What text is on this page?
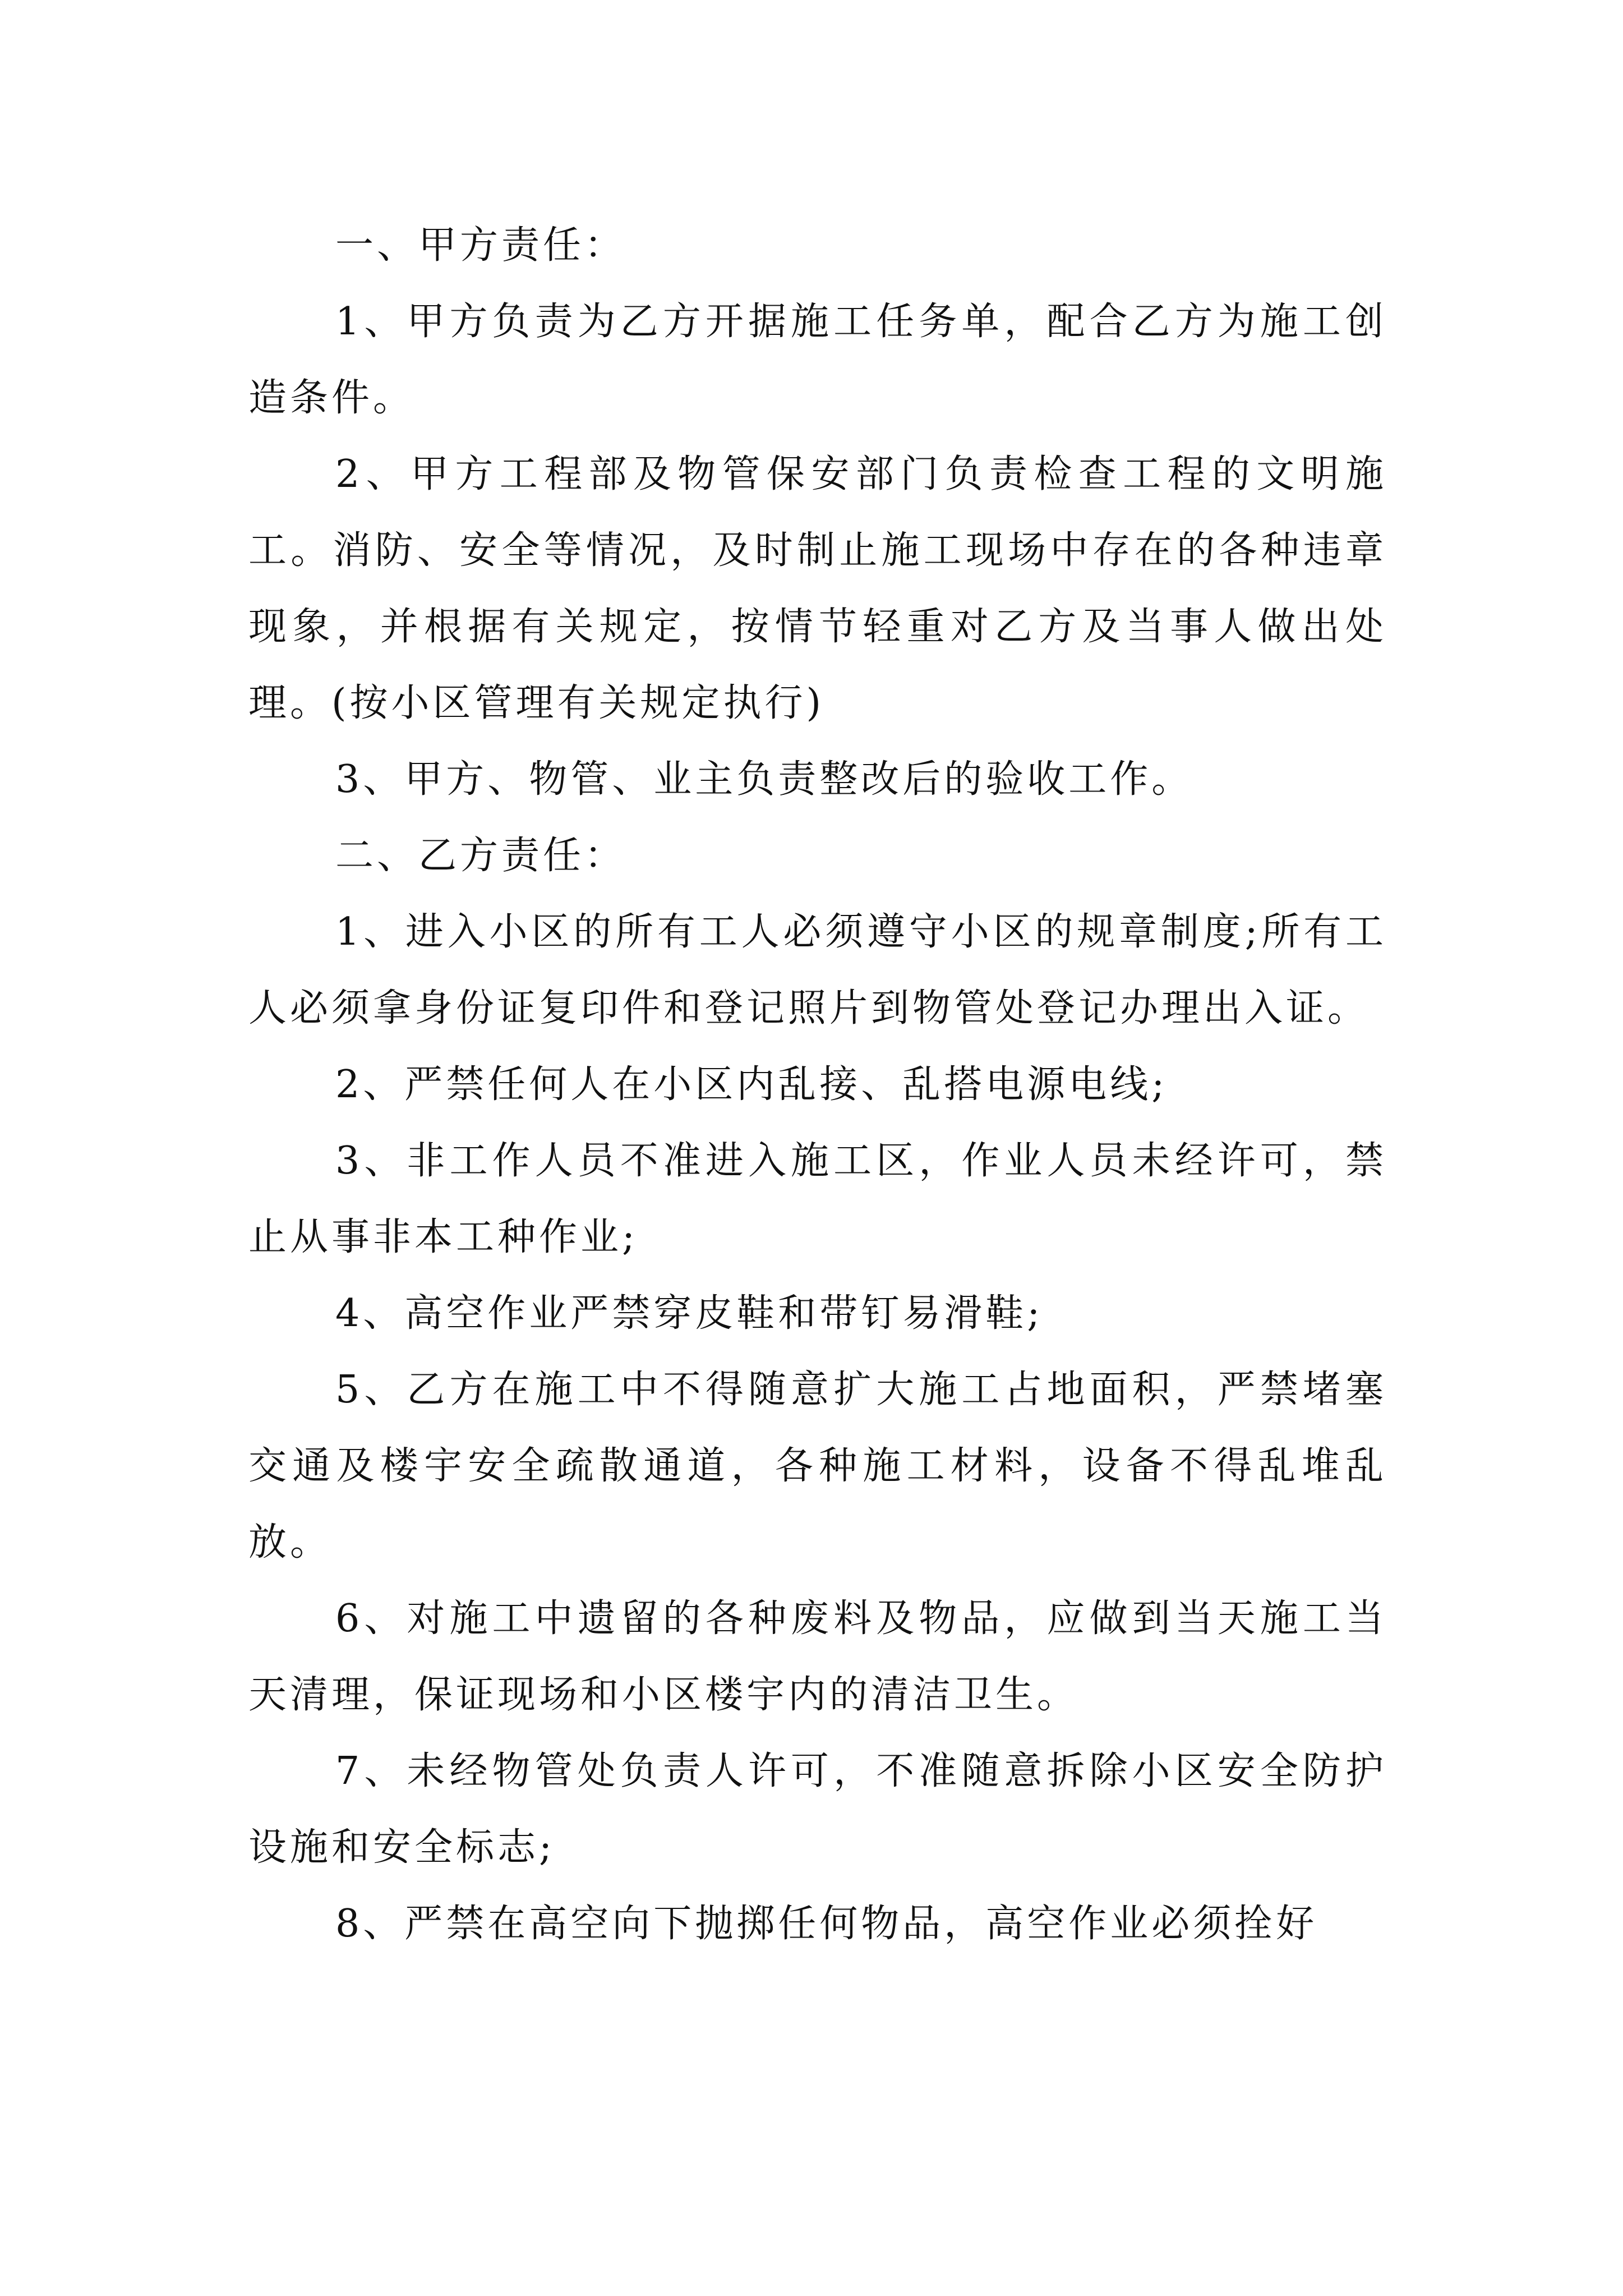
一、甲方责任：

1、甲方负责为乙方开据施工任务单，配合乙方为施工创造条件。

2、甲方工程部及物管保安部门负责检查工程的文明施工。消防、安全等情况，及时制止施工现场中存在的各种违章现象，并根据有关规定，按情节轻重对乙方及当事人做出处理。(按小区管理有关规定执行)

3、甲方、物管、业主负责整改后的验收工作。

二、乙方责任：

1、进入小区的所有工人必须遵守小区的规章制度;所有工人必须拿身份证复印件和登记照片到物管处登记办理出入证。

2、严禁任何人在小区内乱接、乱搭电源电线;

3、非工作人员不准进入施工区，作业人员未经许可，禁止从事非本工种作业;

4、高空作业严禁穿皮鞋和带钉易滑鞋;

5、乙方在施工中不得随意扩大施工占地面积，严禁堵塞交通及楼宇安全疏散通道，各种施工材料，设备不得乱堆乱放。

6、对施工中遗留的各种废料及物品，应做到当天施工当天清理，保证现场和小区楼宇内的清洁卫生。

7、未经物管处负责人许可，不准随意拆除小区安全防护设施和安全标志;

8、严禁在高空向下抛掷任何物品，高空作业必须拴好
